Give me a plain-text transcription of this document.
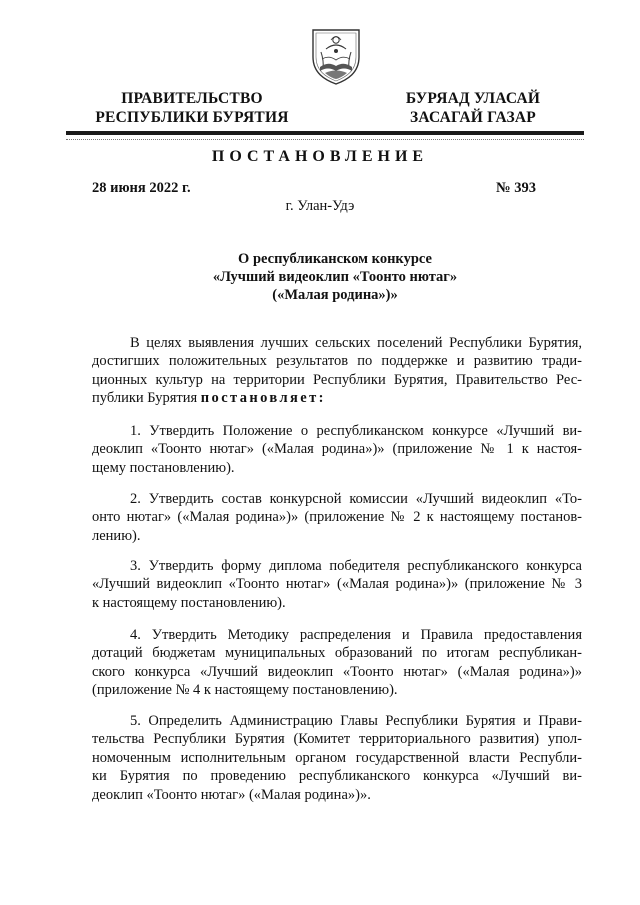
ПРАВИТЕЛЬСТВО
РЕСПУБЛИКИ БУРЯТИЯ
БУРЯАД УЛАСАЙ
ЗАСАГАЙ ГАЗАР
ПОСТАНОВЛЕНИЕ
28 июня 2022 г.	№ 393
г. Улан-Удэ
О республиканском конкурсе
«Лучший видеоклип «Тоонто нютаг»
(«Малая родина»)»
В целях выявления лучших сельских поселений Республики Бурятия,
достигших положительных результатов по поддержке и развитию тради-
ционных культур на территории Республики Бурятия, Правительство Рес-
публики Бурятия постановляет:
1. Утвердить Положение о республиканском конкурсе «Лучший ви-
деоклип «Тоонто нютаг» («Малая родина»)» (приложение № 1 к настоя-
щему постановлению).
2. Утвердить состав конкурсной комиссии «Лучший видеоклип «То-
онто нютаг» («Малая родина»)» (приложение № 2 к настоящему постанов-
лению).
3. Утвердить форму диплома победителя республиканского конкурса
«Лучший видеоклип «Тоонто нютаг» («Малая родина»)» (приложение № 3
к настоящему постановлению).
4. Утвердить Методику распределения и Правила предоставления
дотаций бюджетам муниципальных образований по итогам республикан-
ского конкурса «Лучший видеоклип «Тоонто нютаг» («Малая родина»)»
(приложение № 4 к настоящему постановлению).
5. Определить Администрацию Главы Республики Бурятия и Прави-
тельства Республики Бурятия (Комитет территориального развития) упол-
номоченным исполнительным органом государственной власти Республи-
ки Бурятия по проведению республиканского конкурса «Лучший ви-
деоклип «Тоонто нютаг» («Малая родина»)».
